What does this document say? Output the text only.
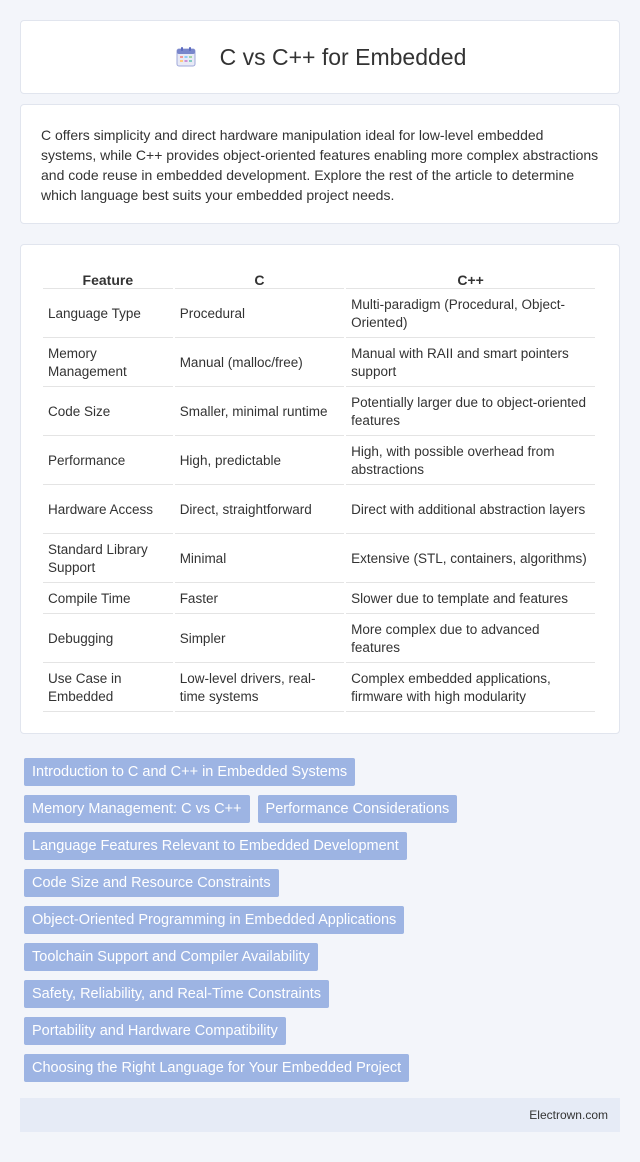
C vs C++ for Embedded

C offers simplicity and direct hardware manipulation ideal for low-level embedded systems, while C++ provides object-oriented features enabling more complex abstractions and code reuse in embedded development. Explore the rest of the article to determine which language best suits your embedded project needs.

Feature	C	C++
Language Type	Procedural	Multi-paradigm (Procedural, Object-Oriented)
Memory Management	Manual (malloc/free)	Manual with RAII and smart pointers support
Code Size	Smaller, minimal runtime	Potentially larger due to object-oriented features
Performance	High, predictable	High, with possible overhead from abstractions
Hardware Access	Direct, straightforward	Direct with additional abstraction layers
Standard Library Support	Minimal	Extensive (STL, containers, algorithms)
Compile Time	Faster	Slower due to template and features
Debugging	Simpler	More complex due to advanced features
Use Case in Embedded	Low-level drivers, real-time systems	Complex embedded applications, firmware with high modularity
Introduction to C and C++ in Embedded Systems
Memory Management: C vs C++	Performance Considerations
Language Features Relevant to Embedded Development
Code Size and Resource Constraints
Object-Oriented Programming in Embedded Applications
Toolchain Support and Compiler Availability
Safety, Reliability, and Real-Time Constraints
Portability and Hardware Compatibility
Choosing the Right Language for Your Embedded Project
Electrown.com
